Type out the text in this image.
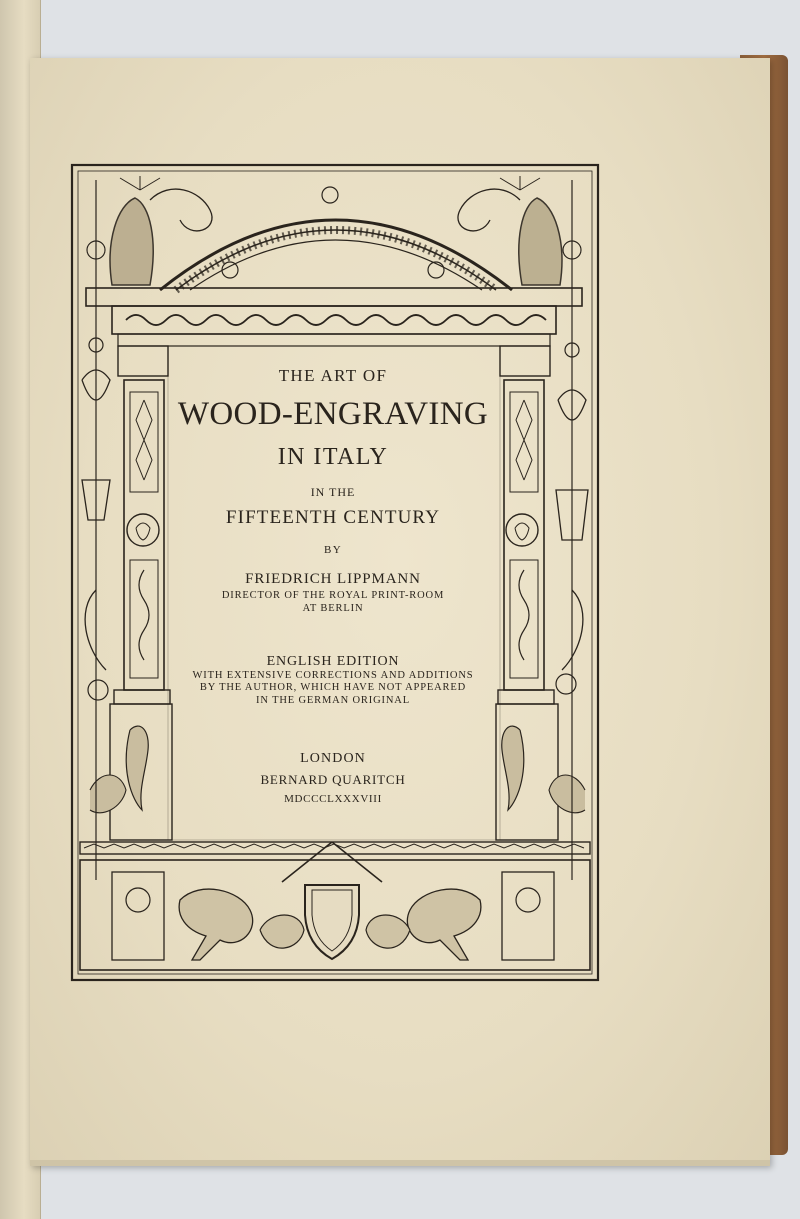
THE ART OF

WOOD-ENGRAVING

IN ITALY

IN THE

FIFTEENTH CENTURY

BY

FRIEDRICH LIPPMANN

DIRECTOR OF THE ROYAL PRINT-ROOM

AT BERLIN

ENGLISH EDITION

WITH EXTENSIVE CORRECTIONS AND ADDITIONS

BY THE AUTHOR, WHICH HAVE NOT APPEARED

IN THE GERMAN ORIGINAL

LONDON

BERNARD QUARITCH

MDCCCLXXXVIII
